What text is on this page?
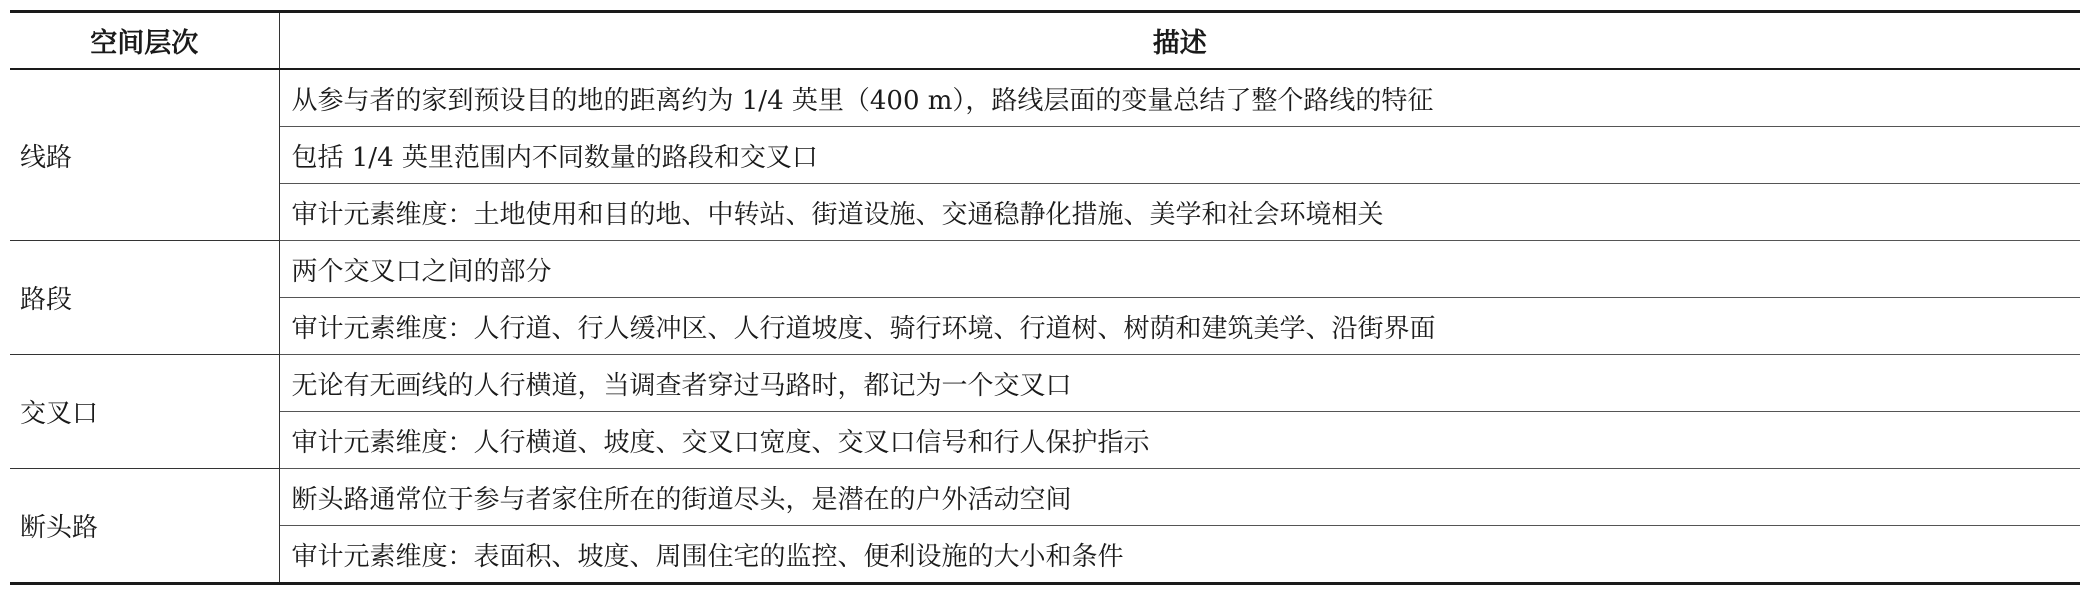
空间层次	描述
线路	从参与者的家到预设目的地的距离约为 1/4 英里（400 m），路线层面的变量总结了整个路线的特征
	包括 1/4 英里范围内不同数量的路段和交叉口
	审计元素维度：土地使用和目的地、中转站、街道设施、交通稳静化措施、美学和社会环境相关
路段	两个交叉口之间的部分
	审计元素维度：人行道、行人缓冲区、人行道坡度、骑行环境、行道树、树荫和建筑美学、沿街界面
交叉口	无论有无画线的人行横道，当调查者穿过马路时，都记为一个交叉口
	审计元素维度：人行横道、坡度、交叉口宽度、交叉口信号和行人保护指示
断头路	断头路通常位于参与者家住所在的街道尽头，是潜在的户外活动空间
	审计元素维度：表面积、坡度、周围住宅的监控、便利设施的大小和条件
